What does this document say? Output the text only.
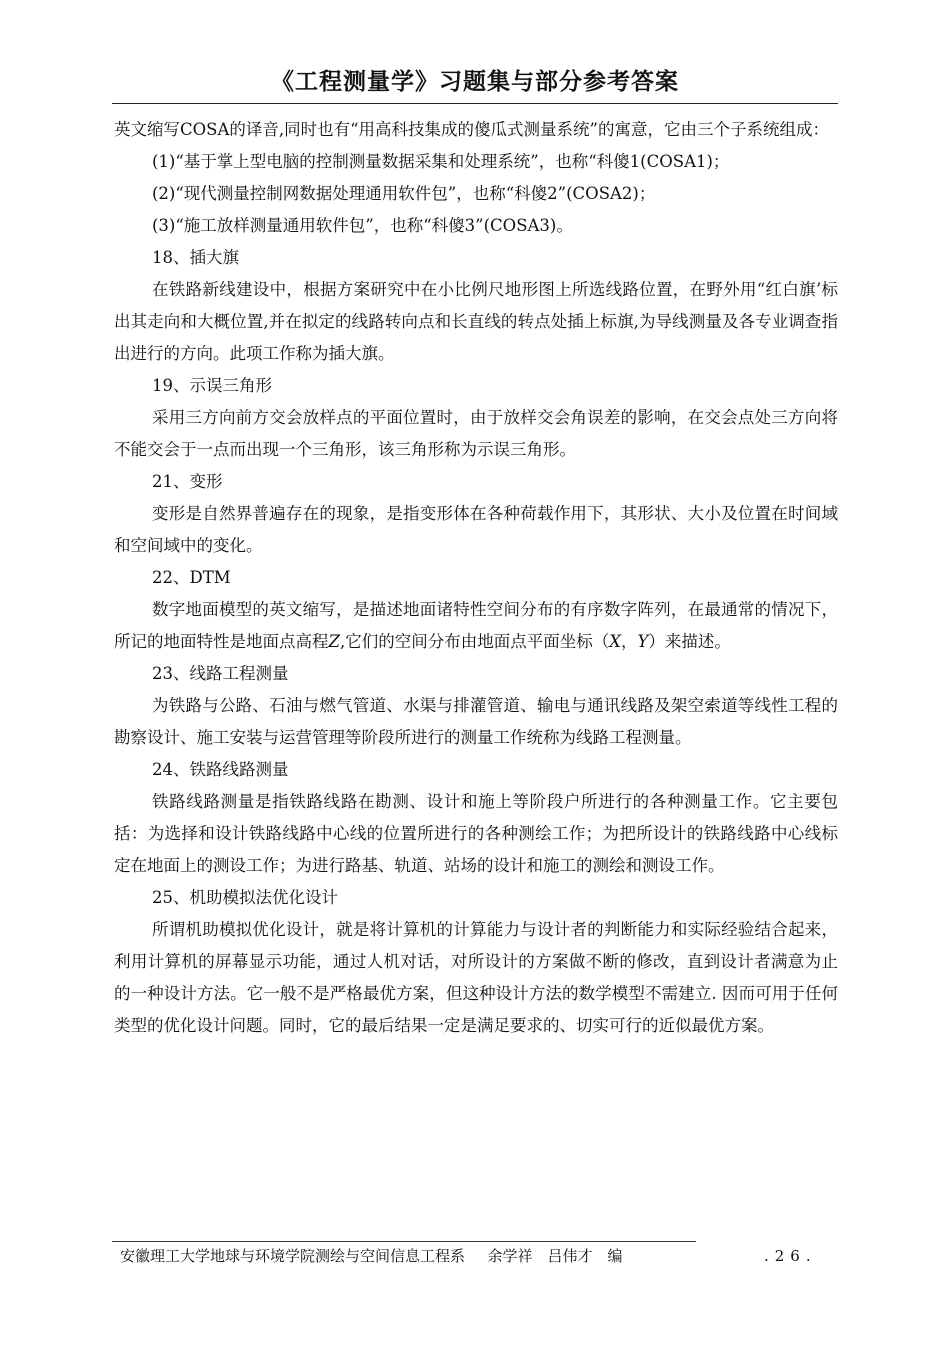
《工程测量学》习题集与部分参考答案

英文缩写COSA的译音,同时也有“用高科技集成的傻瓜式测量系统”的寓意，它由三个子系统组成：

(1)“基于掌上型电脑的控制测量数据采集和处理系统”，也称“科傻1(COSA1)；

(2)“现代测量控制网数据处理通用软件包”，也称“科傻2”(COSA2)；

(3)“施工放样测量通用软件包”，也称“科傻3”(COSA3)。

18、插大旗

在铁路新线建设中，根据方案研究中在小比例尺地形图上所选线路位置，在野外用“红白旗’标出其走向和大概位置,并在拟定的线路转向点和长直线的转点处插上标旗,为导线测量及各专业调查指出进行的方向。此项工作称为插大旗。

19、示误三角形

采用三方向前方交会放样点的平面位置时，由于放样交会角误差的影响，在交会点处三方向将不能交会于一点而出现一个三角形，该三角形称为示误三角形。

21、变形

变形是自然界普遍存在的现象，是指变形体在各种荷载作用下，其形状、大小及位置在时间域和空间域中的变化。

22、DTM

数字地面模型的英文缩写，是描述地面诸特性空间分布的有序数字阵列，在最通常的情况下，所记的地面特性是地面点高程Z,它们的空间分布由地面点平面坐标（X，Y）来描述。

23、线路工程测量

为铁路与公路、石油与燃气管道、水渠与排灌管道、输电与通讯线路及架空索道等线性工程的勘察设计、施工安装与运营管理等阶段所进行的测量工作统称为线路工程测量。

24、铁路线路测量

铁路线路测量是指铁路线路在勘测、设计和施上等阶段户所进行的各种测量工作。它主要包括：为选择和设计铁路线路中心线的位置所进行的各种测绘工作；为把所设计的铁路线路中心线标定在地面上的测设工作；为进行路基、轨道、站场的设计和施工的测绘和测设工作。

25、机助模拟法优化设计

所谓机助模拟优化设计，就是将计算机的计算能力与设计者的判断能力和实际经验结合起来，利用计算机的屏幕显示功能，通过人机对话，对所设计的方案做不断的修改，直到设计者满意为止的一种设计方法。它一般不是严格最优方案，但这种设计方法的数学模型不需建立. 因而可用于任何类型的优化设计问题。同时，它的最后结果一定是满足要求的、切实可行的近似最优方案。

安徽理工大学地球与环境学院测绘与空间信息工程系　  余学祥　吕伟才　编	.26.
